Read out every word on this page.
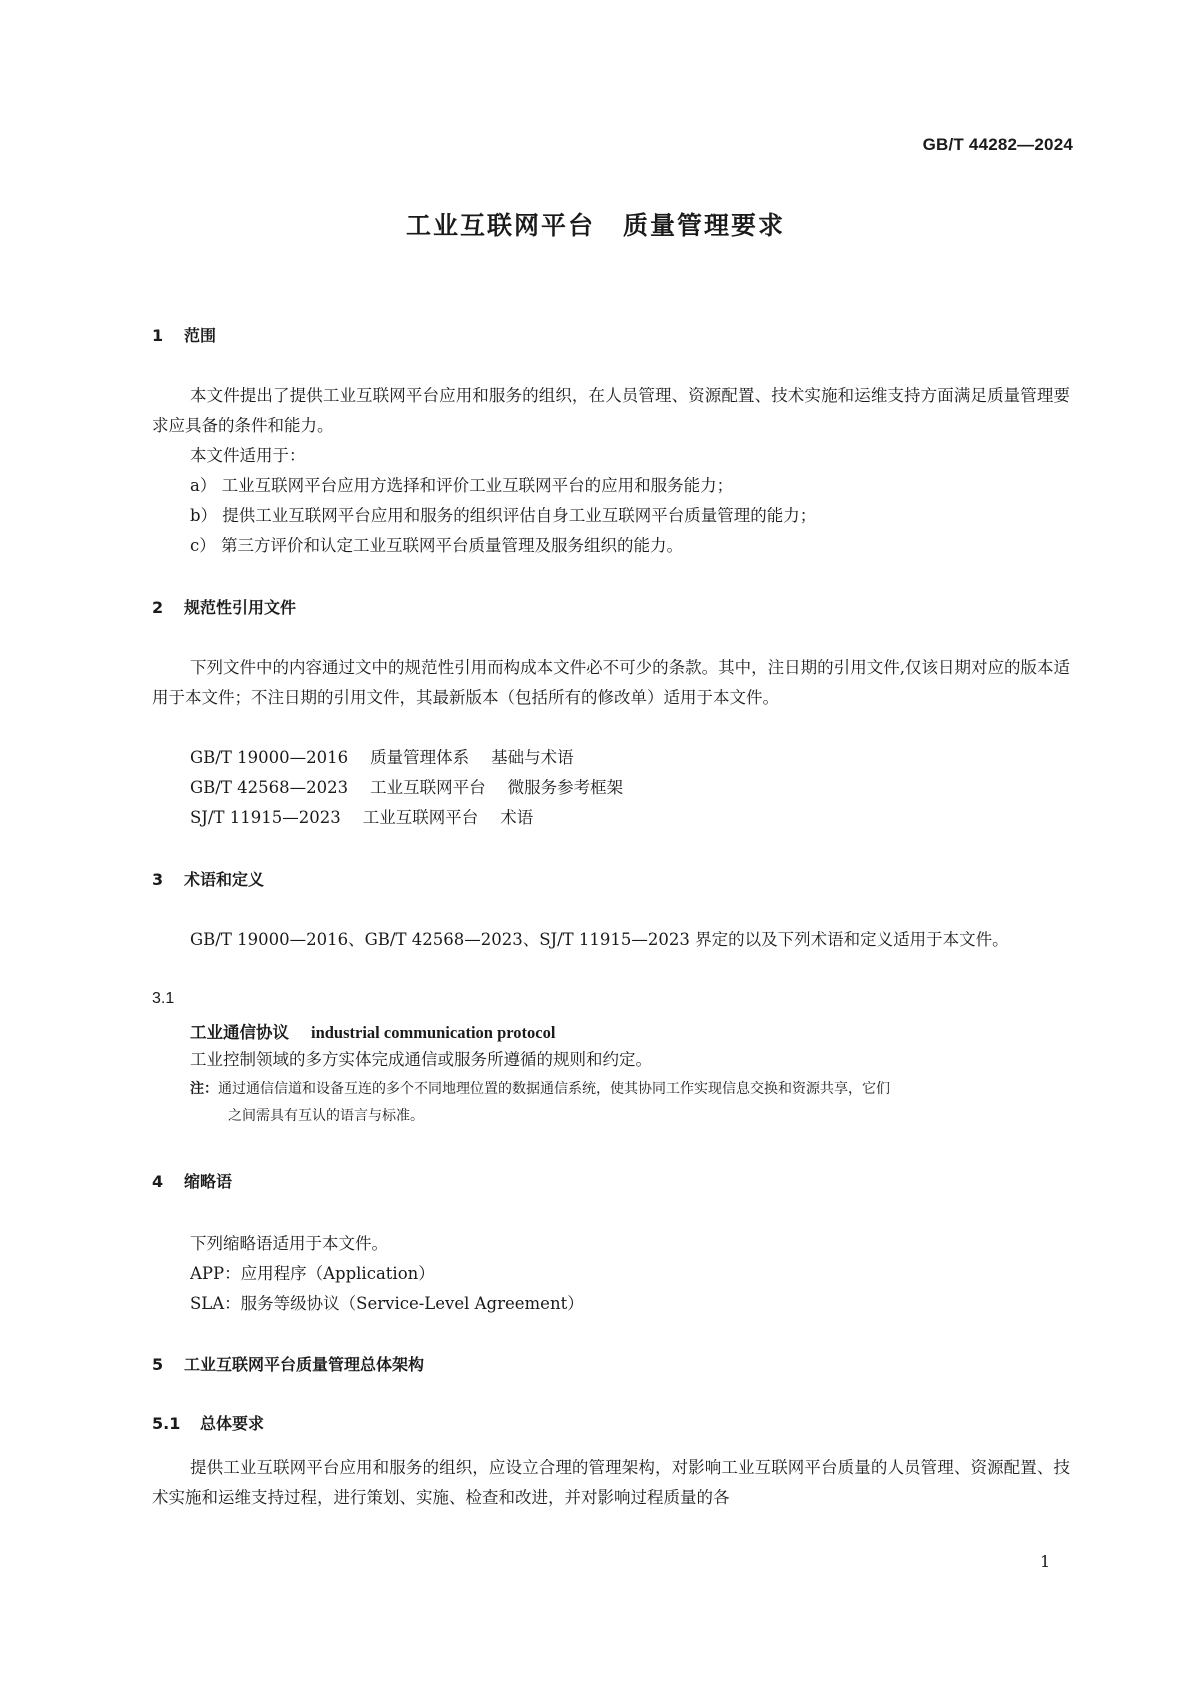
GB/T 44282—2024
工业互联网平台 质量管理要求
1 范围
本文件提出了提供工业互联网平台应用和服务的组织，在人员管理、资源配置、技术实施和运维支持方面满足质量管理要求应具备的条件和能力。
本文件适用于：
a） 工业互联网平台应用方选择和评价工业互联网平台的应用和服务能力；
b） 提供工业互联网平台应用和服务的组织评估自身工业互联网平台质量管理的能力；
c） 第三方评价和认定工业互联网平台质量管理及服务组织的能力。
2 规范性引用文件
下列文件中的内容通过文中的规范性引用而构成本文件必不可少的条款。其中，注日期的引用文件,仅该日期对应的版本适用于本文件；不注日期的引用文件，其最新版本（包括所有的修改单）适用于本文件。
GB/T 19000—2016 质量管理体系 基础与术语
GB/T 42568—2023 工业互联网平台 微服务参考框架
SJ/T 11915—2023 工业互联网平台 术语
3 术语和定义
GB/T 19000—2016、GB/T 42568—2023、SJ/T 11915—2023 界定的以及下列术语和定义适用于本文件。
3.1
工业通信协议 industrial communication protocol
工业控制领域的多方实体完成通信或服务所遵循的规则和约定。
注：通过通信信道和设备互连的多个不同地理位置的数据通信系统，使其协同工作实现信息交换和资源共享，它们
之间需具有互认的语言与标准。
4 缩略语
下列缩略语适用于本文件。
APP：应用程序（Application）
SLA：服务等级协议（Service-Level Agreement）
5 工业互联网平台质量管理总体架构
5.1 总体要求
提供工业互联网平台应用和服务的组织，应设立合理的管理架构，对影响工业互联网平台质量的人员管理、资源配置、技术实施和运维支持过程，进行策划、实施、检查和改进，并对影响过程质量的各
1
